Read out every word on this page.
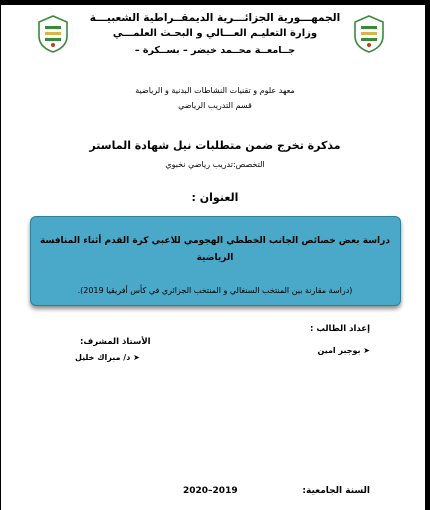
الجمهـــورية الجزائـــرية الديمقــراطية الشعبيـــة
وزارة التعليـم العـــالي و البحـث العلمـــي
جــامعــة محــمد خيضر – بســكرة –
معهد علوم و تقنيات النشاطات البدنية و الرياضية
قسم التدريب الرياضي
مذكرة تخرج ضمن متطلبات نيل شهادة الماستر
التخصص:تدريب رياضي نخبوي
العنوان :
دراسة بعض خصائص الجانب الخططي الهجومي للاعبي كرة القدم أثناء المنافسة
الرياضية
(دراسة مقارنة بين المنتخب السنغالي و المنتخب الجزائري في كأس أفريقيا 2019).
إعداد الطالب :
➤ بوجبر امين
الأستاذ المشرف:
➤ د/ مبراك خليل
السنة الجامعية:
2020–2019
